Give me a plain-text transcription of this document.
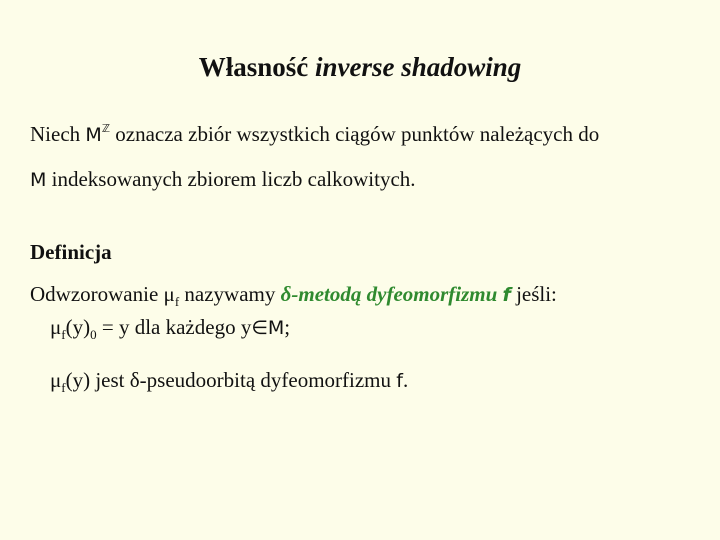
Własność inverse shadowing
Niech $M^ℤ$ oznacza zbiór wszystkich ciągów punktów należących do
M indeksowanych zbiorem liczb calkowitych.
Definicja
Odwzorowanie $\mu_f$ nazywamy δ-metodą dyfeomorfizmu f jeśli:
$\mu_f(y)_0 = y$ dla każdego y∈M;
$\mu_f(y)$ jest δ-pseudoorbitą dyfeomorfizmu f.
